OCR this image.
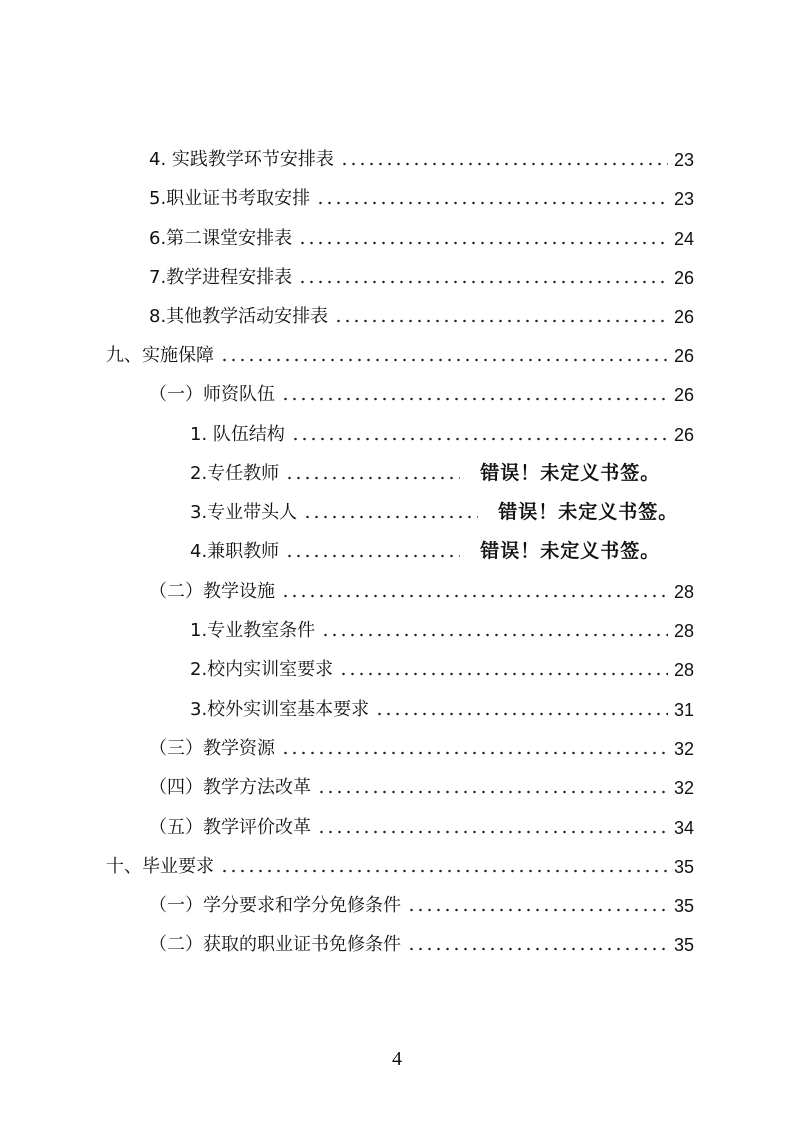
4. 实践教学环节安排表	23
5.职业证书考取安排	23
6.第二课堂安排表	24
7.教学进程安排表	26
8.其他教学活动安排表	26
九、实施保障	26
（一）师资队伍	26
1. 队伍结构	26
2.专任教师	错误！未定义书签。
3.专业带头人	错误！未定义书签。
4.兼职教师	错误！未定义书签。
（二）教学设施	28
1.专业教室条件	28
2.校内实训室要求	28
3.校外实训室基本要求	31
（三）教学资源	32
（四）教学方法改革	32
（五）教学评价改革	34
十、毕业要求	35
（一）学分要求和学分免修条件	35
（二）获取的职业证书免修条件	35
4
